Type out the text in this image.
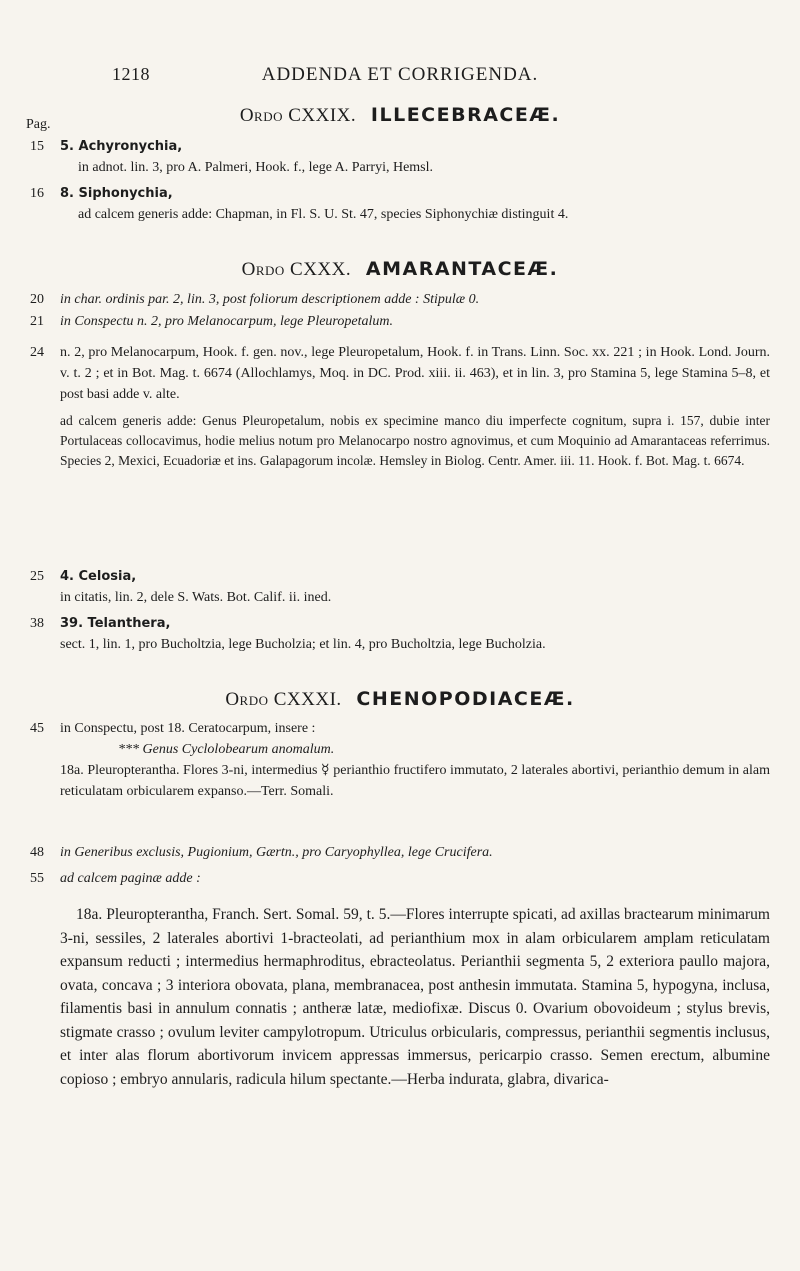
1218	ADDENDA ET CORRIGENDA.
Ordo CXXIX. ILLECEBRACEÆ.
Pag.
15	5. Achyronychia,
in adnot. lin. 3, pro A. Palmeri, Hook. f., lege A. Parryi, Hemsl.
16	8. Siphonychia,
ad calcem generis adde: Chapman, in Fl. S. U. St. 47, species Siphonychiæ distinguit 4.
Ordo CXXX. AMARANTACEÆ.
20	in char. ordinis par. 2, lin. 3, post foliorum descriptionem adde : Stipulæ 0.
21	in Conspectu n. 2, pro Melanocarpum, lege Pleuropetalum.
24	n. 2, pro Melanocarpum, Hook. f. gen. nov., lege Pleuropetalum, Hook. f. in Trans. Linn. Soc. xx. 221 ; in Hook. Lond. Journ. v. t. 2 ; et in Bot. Mag. t. 6674 (Allochlamys, Moq. in DC. Prod. xiii. ii. 463), et in lin. 3, pro Stamina 5, lege Stamina 5–8, et post basi adde v. alte.
ad calcem generis adde: Genus Pleuropetalum, nobis ex specimine manco diu imperfecte cognitum, supra i. 157, dubie inter Portulaceas collocavimus, hodie melius notum pro Melanocarpo nostro agnovimus, et cum Moquinio ad Amarantaceas referrimus. Species 2, Mexici, Ecuadoriæ et ins. Galapagorum incolæ. Hemsley in Biolog. Centr. Amer. iii. 11. Hook. f. Bot. Mag. t. 6674.
25	4. Celosia,
in citatis, lin. 2, dele S. Wats. Bot. Calif. ii. ined.
38	39. Telanthera,
sect. 1, lin. 1, pro Bucholtzia, lege Bucholzia; et lin. 4, pro Bucholtzia, lege Bucholzia.
Ordo CXXXI. CHENOPODIACEÆ.
45	in Conspectu, post 18. Ceratocarpum, insere :
*** Genus Cyclolobearum anomalum.
18a. Pleuropterantha. Flores 3-ni, intermedius ☿ perianthio fructifero immutato, 2 laterales abortivi, perianthio demum in alam reticulatam orbicularem expanso.—Terr. Somali.
48	in Generibus exclusis, Pugionium, Gærtn., pro Caryophyllea, lege Crucifera.
55	ad calcem paginæ adde :
18a. Pleuropterantha, Franch. Sert. Somal. 59, t. 5.—Flores interrupte spicati, ad axillas bractearum minimarum 3-ni, sessiles, 2 laterales abortivi 1-bracteolati, ad perianthium mox in alam orbicularem amplam reticulatam expansum reducti ; intermedius hermaphroditus, ebracteolatus. Perianthii segmenta 5, 2 exteriora paullo majora, ovata, concava ; 3 interiora obovata, plana, membranacea, post anthesin immutata. Stamina 5, hypogyna, inclusa, filamentis basi in annulum connatis ; antheræ latæ, mediofixæ. Discus 0. Ovarium obovoideum ; stylus brevis, stigmate crasso ; ovulum leviter campylotropum. Utriculus orbicularis, compressus, perianthii segmentis inclusus, et inter alas florum abortivorum invicem appressas immersus, pericarpio crasso. Semen erectum, albumine copioso ; embryo annularis, radicula hilum spectante.—Herba indurata, glabra, divarica-
